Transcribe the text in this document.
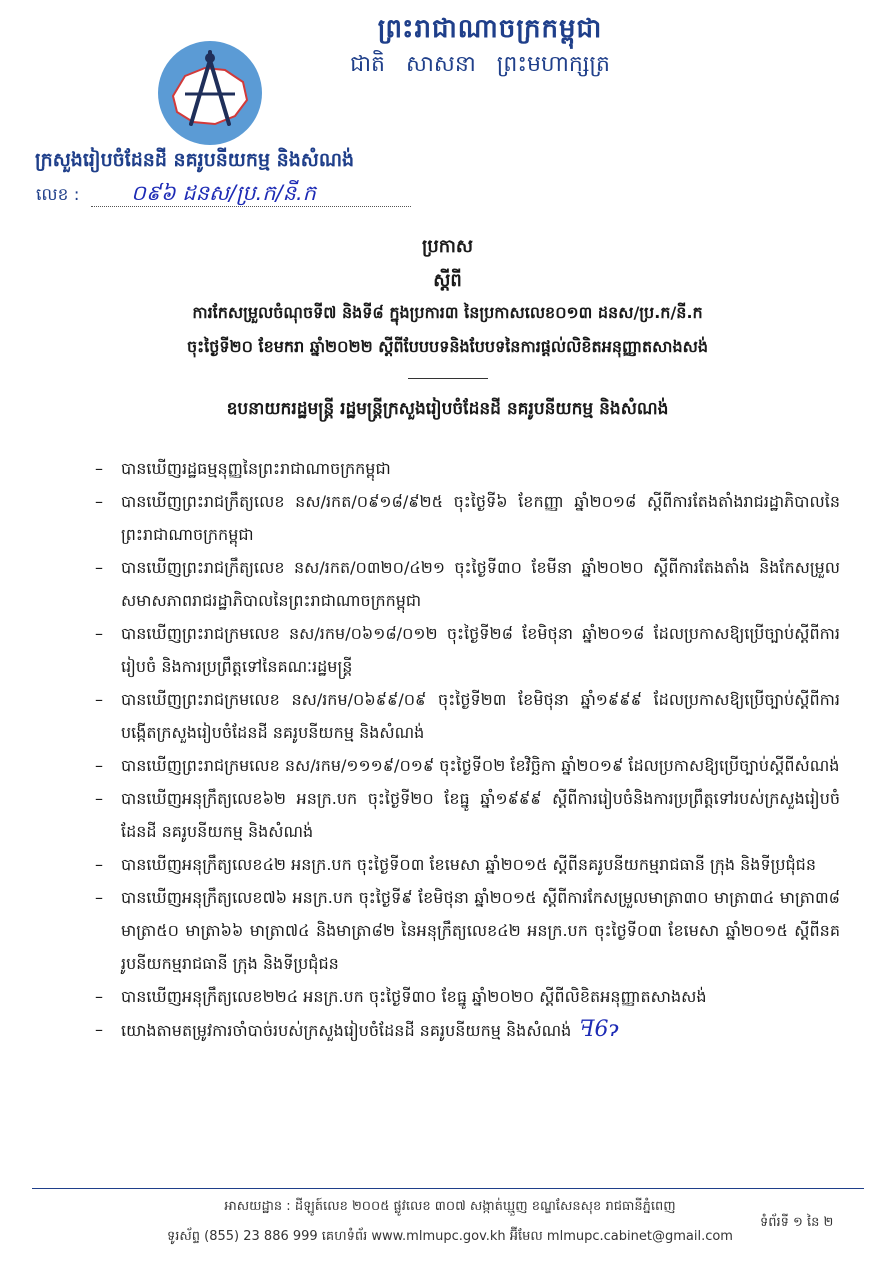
ព្រះរាជាណាចក្រកម្ពុជា
ជាតិ សាសនា ព្រះមហាក្សត្រ
ក្រសួងរៀបចំដែនដី នគរូបនីយកម្ម និងសំណង់
លេខ : ០៩៦ ដនស/ប្រ.ក/នី.ក
ប្រកាស
ស្តីពី
ការកែសម្រួលចំណុចទី៧ និងទី៨ ក្នុងប្រការ៣ នៃប្រកាសលេខ០១៣ ដនស/ប្រ.ក/នី.ក
ចុះថ្ងៃទី២០ ខែមករា ឆ្នាំ២០២២ ស្តីពីបែបបទនិងបែបទនៃការផ្តល់លិខិតអនុញ្ញាតសាងសង់
ឧបនាយករដ្ឋមន្ត្រី រដ្ឋមន្ត្រីក្រសួងរៀបចំដែនដី នគរូបនីយកម្ម និងសំណង់
– បានឃើញរដ្ឋធម្មនុញ្ញនៃព្រះរាជាណាចក្រកម្ពុជា
– បានឃើញព្រះរាជក្រឹត្យលេខ នស/រកត/០៩១៨/៩២៥ ចុះថ្ងៃទី៦ ខែកញ្ញា ឆ្នាំ២០១៨ ស្តីពីការតែងតាំងរាជរដ្ឋាភិបាលនៃព្រះរាជាណាចក្រកម្ពុជា
– បានឃើញព្រះរាជក្រឹត្យលេខ នស/រកត/០៣២០/៤២១ ចុះថ្ងៃទី៣០ ខែមីនា ឆ្នាំ២០២០ ស្តីពីការតែងតាំង និងកែសម្រួលសមាសភាពរាជរដ្ឋាភិបាលនៃព្រះរាជាណាចក្រកម្ពុជា
– បានឃើញព្រះរាជក្រមលេខ នស/រកម/០៦១៨/០១២ ចុះថ្ងៃទី២៨ ខែមិថុនា ឆ្នាំ២០១៨ ដែលប្រកាសឱ្យប្រើច្បាប់ស្តីពីការរៀបចំ និងការប្រព្រឹត្តទៅនៃគណៈរដ្ឋមន្ត្រី
– បានឃើញព្រះរាជក្រមលេខ នស/រកម/០៦៩៩/០៩ ចុះថ្ងៃទី២៣ ខែមិថុនា ឆ្នាំ១៩៩៩ ដែលប្រកាសឱ្យប្រើច្បាប់ស្តីពីការបង្កើតក្រសួងរៀបចំដែនដី នគរូបនីយកម្ម និងសំណង់
– បានឃើញព្រះរាជក្រមលេខ នស/រកម/១១១៩/០១៩ ចុះថ្ងៃទី០២ ខែវិច្ឆិកា ឆ្នាំ២០១៩ ដែលប្រកាសឱ្យប្រើច្បាប់ស្តីពីសំណង់
– បានឃើញអនុក្រឹត្យលេខ៦២ អនក្រ.បក ចុះថ្ងៃទី២០ ខែធ្នូ ឆ្នាំ១៩៩៩ ស្តីពីការរៀបចំនិងការប្រព្រឹត្តទៅរបស់ក្រសួងរៀបចំដែនដី នគរូបនីយកម្ម និងសំណង់
– បានឃើញអនុក្រឹត្យលេខ៤២ អនក្រ.បក ចុះថ្ងៃទី០៣ ខែមេសា ឆ្នាំ២០១៥ ស្តីពីនគរូបនីយកម្មរាជធានី ក្រុង និងទីប្រជុំជន
– បានឃើញអនុក្រឹត្យលេខ៧៦ អនក្រ.បក ចុះថ្ងៃទី៩ ខែមិថុនា ឆ្នាំ២០១៥ ស្តីពីការកែសម្រួលមាត្រា៣០ មាត្រា៣៤ មាត្រា៣៨ មាត្រា៥០ មាត្រា៦៦ មាត្រា៧៤ និងមាត្រា៨២ នៃអនុក្រឹត្យលេខ៤២ អនក្រ.បក ចុះថ្ងៃទី០៣ ខែមេសា ឆ្នាំ២០១៥ ស្តីពីនគរូបនីយកម្មរាជធានី ក្រុង និងទីប្រជុំជន
– បានឃើញអនុក្រឹត្យលេខ២២៤ អនក្រ.បក ចុះថ្ងៃទី៣០ ខែធ្នូ ឆ្នាំ២០២០ ស្តីពីលិខិតអនុញ្ញាតសាងសង់
– យោងតាមតម្រូវការចាំបាច់របស់ក្រសួងរៀបចំដែនដី នគរូបនីយកម្ម និងសំណង់ ꟻ6ɂ
អាសយដ្ឋាន : ដីឡូត៍លេខ ២០០៥ ផ្លូវលេខ ៣០៧ សង្កាត់ឃ្មួញ ខណ្ឌសែនសុខ រាជធានីភ្នំពេញ
ទំព័រទី ១ នៃ ២
ទូរស័ព្ទ (855) 23 886 999 គេហទំព័រ www.mlmupc.gov.kh អ៊ីមែល mlmupc.cabinet@gmail.com
